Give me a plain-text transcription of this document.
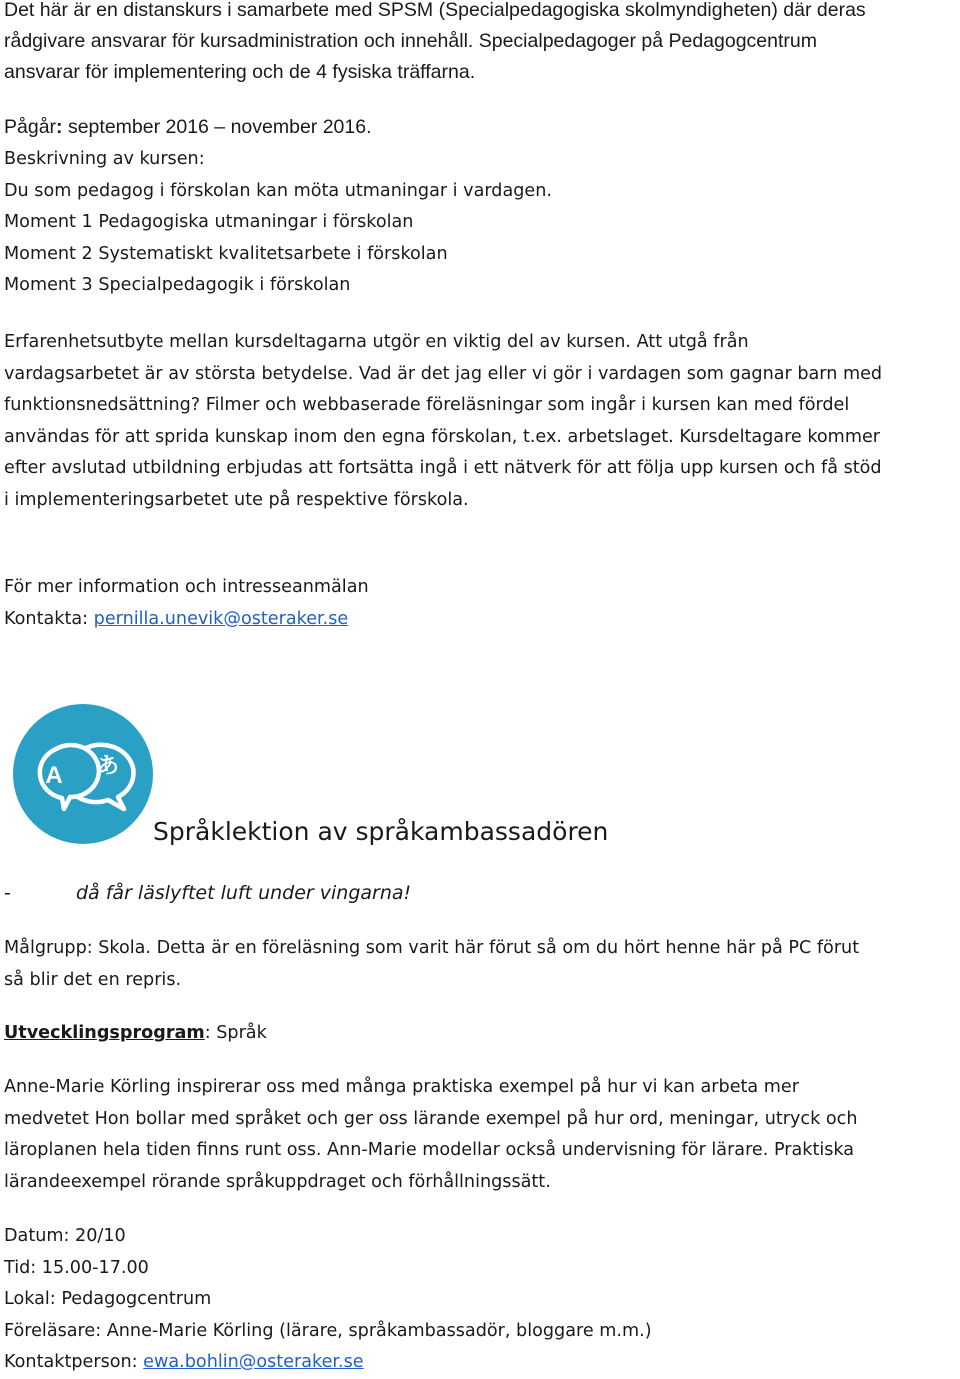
Det här är en distanskurs i samarbete med SPSM (Specialpedagogiska skolmyndigheten) där deras

rådgivare ansvarar för kursadministration och innehåll. Specialpedagoger på Pedagogcentrum

ansvarar för implementering och de 4 fysiska träffarna.

Pågår: september 2016 – november 2016.

Beskrivning av kursen:

Du som pedagog i förskolan kan möta utmaningar i vardagen.

Moment 1 Pedagogiska utmaningar i förskolan

Moment 2 Systematiskt kvalitetsarbete i förskolan

Moment 3 Specialpedagogik i förskolan

Erfarenhetsutbyte mellan kursdeltagarna utgör en viktig del av kursen. Att utgå från

vardagsarbetet är av största betydelse. Vad är det jag eller vi gör i vardagen som gagnar barn med

funktionsnedsättning? Filmer och webbaserade föreläsningar som ingår i kursen kan med fördel

användas för att sprida kunskap inom den egna förskolan, t.ex. arbetslaget. Kursdeltagare kommer

efter avslutad utbildning erbjudas att fortsätta ingå i ett nätverk för att följa upp kursen och få stöd

i implementeringsarbetet ute på respektive förskola.

För mer information och intresseanmälan

Kontakta: pernilla.unevik@osteraker.se

A あ
Språklektion av språkambassadören
-	då får läslyftet luft under vingarna!

Målgrupp: Skola. Detta är en föreläsning som varit här förut så om du hört henne här på PC förut

så blir det en repris.

Utvecklingsprogram: Språk

Anne-Marie Körling inspirerar oss med många praktiska exempel på hur vi kan arbeta mer

medvetet Hon bollar med språket och ger oss lärande exempel på hur ord, meningar, utryck och

läroplanen hela tiden finns runt oss. Ann-Marie modellar också undervisning för lärare. Praktiska

lärandeexempel rörande språkuppdraget och förhållningssätt.

Datum: 20/10

Tid: 15.00-17.00

Lokal: Pedagogcentrum

Föreläsare: Anne-Marie Körling (lärare, språkambassadör, bloggare m.m.)

Kontaktperson: ewa.bohlin@osteraker.se
